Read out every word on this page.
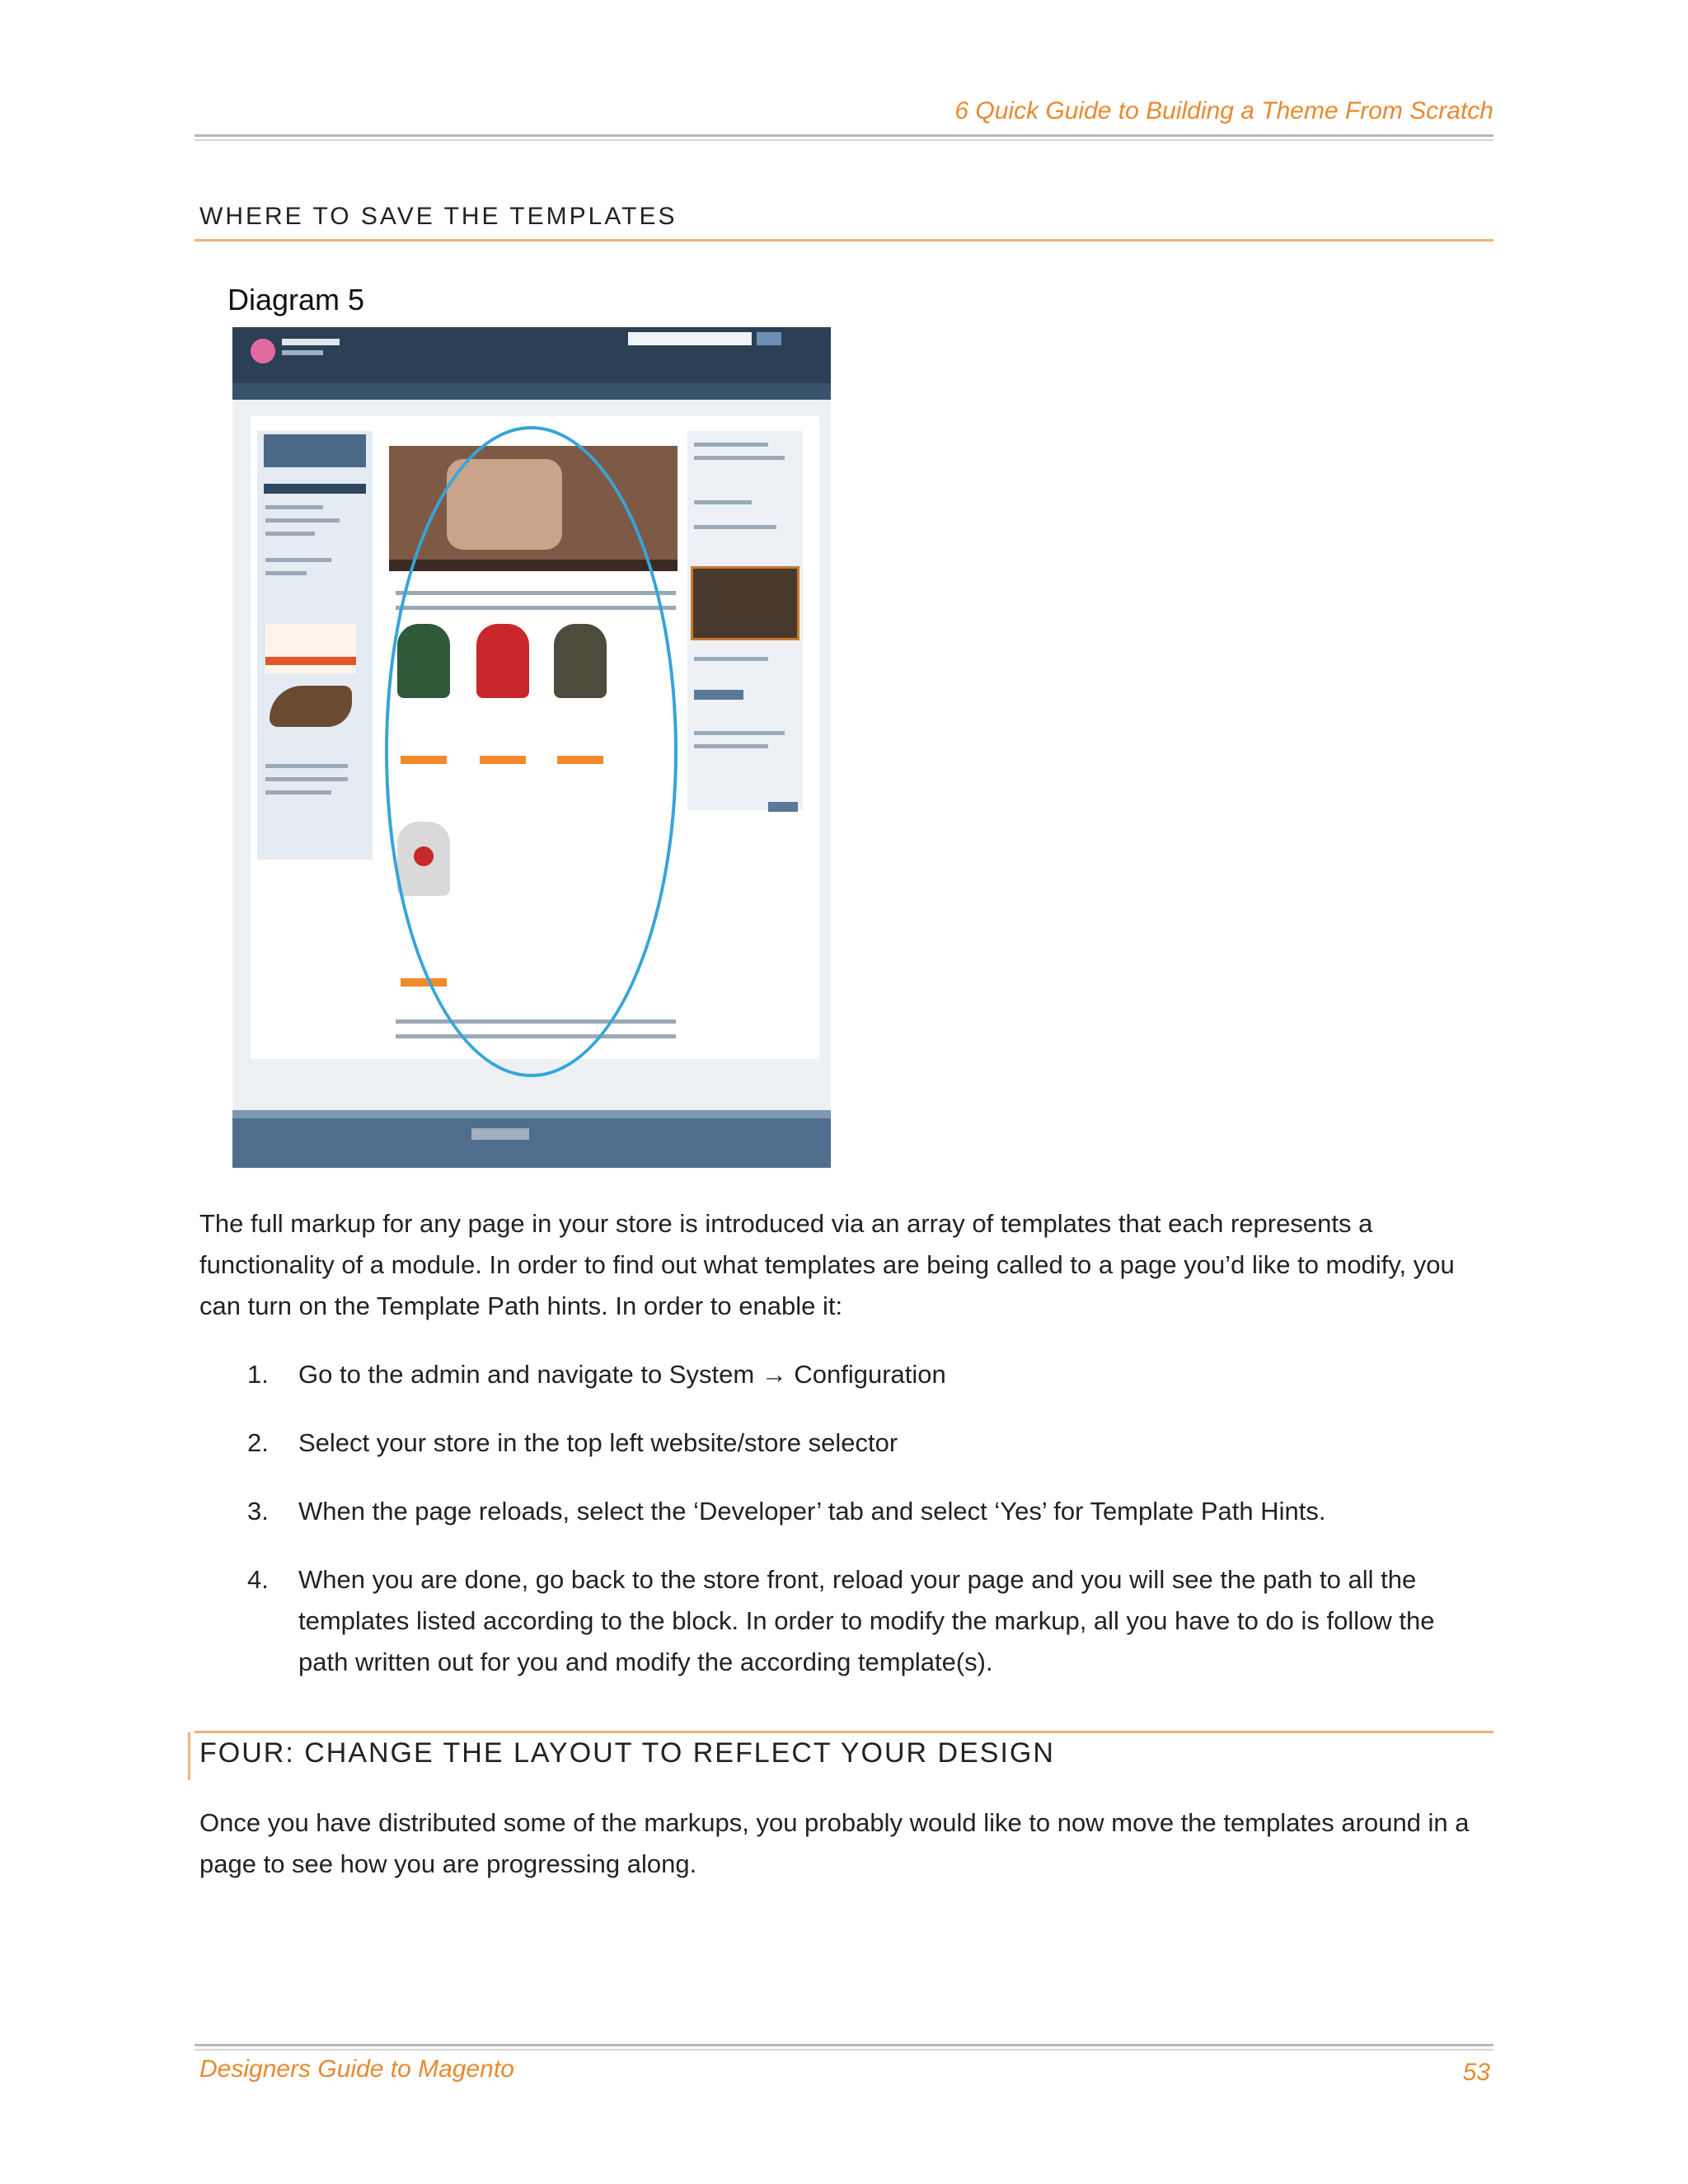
6 Quick Guide to Building a Theme From Scratch
WHERE TO SAVE THE TEMPLATES
Diagram 5
The full markup for any page in your store is introduced via an array of templates that each represents a functionality of a module. In order to find out what templates are being called to a page you’d like to modify, you can turn on the Template Path hints. In order to enable it:
1.	Go to the admin and navigate to System → Configuration
2.	Select your store in the top left website/store selector
3.	When the page reloads, select the ‘Developer’ tab and select ‘Yes’ for Template Path Hints.
4.	When you are done, go back to the store front, reload your page and you will see the path to all the templates listed according to the block. In order to modify the markup, all you have to do is follow the path written out for you and modify the according template(s).
FOUR: CHANGE THE LAYOUT TO REFLECT YOUR DESIGN
Once you have distributed some of the markups, you probably would like to now move the templates around in a page to see how you are progressing along.
Designers Guide to Magento	53
